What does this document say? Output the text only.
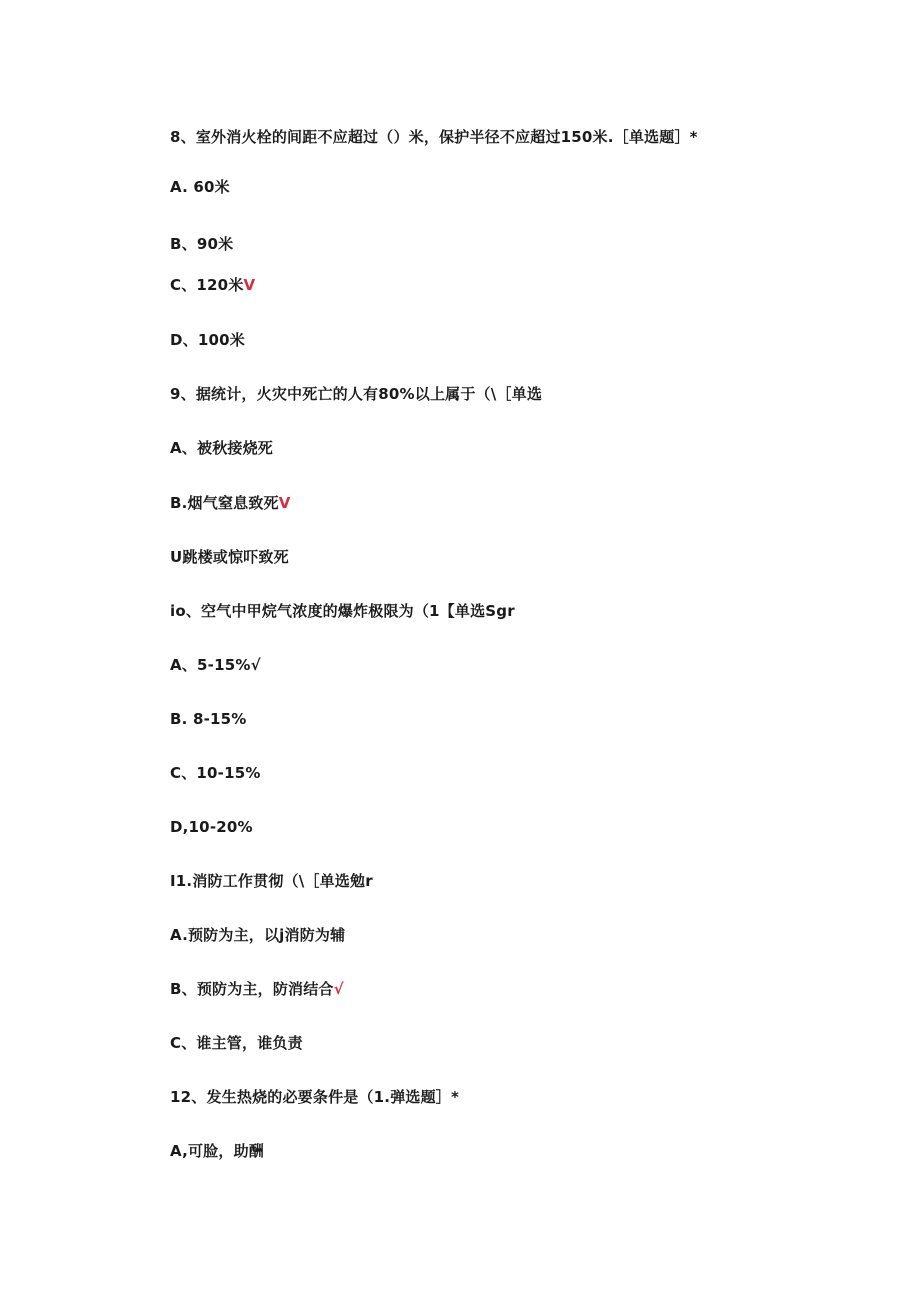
8、室外消火栓的间距不应超过（）米，保护半径不应超过150米.［单选题］*
A. 60米
B、90米
C、120米V
D、100米
9、据统计，火灾中死亡的人有80%以上属于（\［单选
A、被秋接烧死
B.烟气窒息致死V
U跳楼或惊吓致死
io、空气中甲烷气浓度的爆炸极限为（1【单选Sgr
A、5-15%√
B. 8-15%
C、10-15%
D,10-20%
I1.消防工作贯彻（\［单选勉r
A.预防为主，以j消防为辅
B、预防为主，防消结合√
C、谁主管，谁负责
12、发生热烧的必要条件是（1.弹选题］*
A,可脸，助酬
